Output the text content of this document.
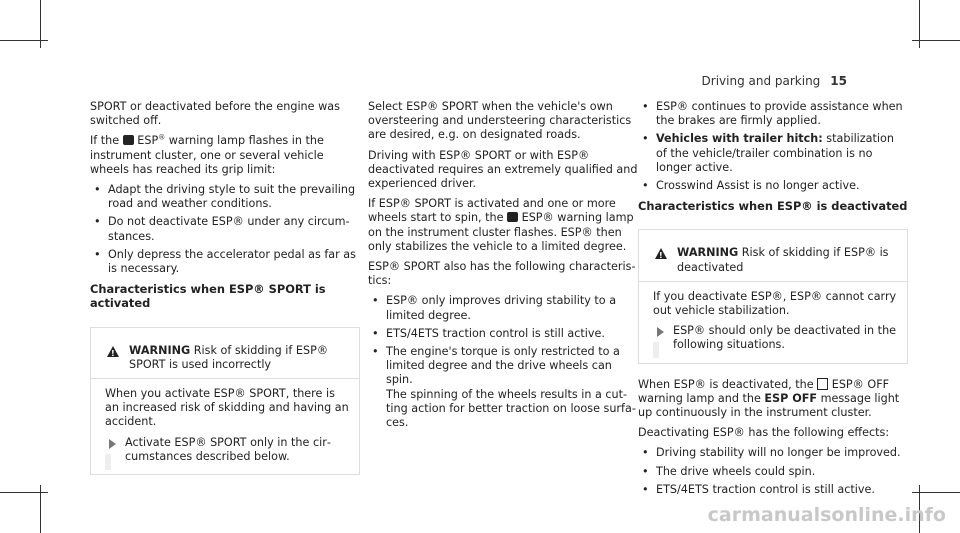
Driving and parking 15

SPORT or deactivated before the engine was switched off.

If the ESP® warning lamp flashes in the instrument cluster, one or several vehicle wheels has reached its grip limit:

• Adapt the driving style to suit the prevailing road and weather conditions.
• Do not deactivate ESP® under any circumstances.
• Only depress the accelerator pedal as far as is necessary.
Characteristics when ESP® SPORT is activated
!
WARNING Risk of skidding if ESP® SPORT is used incorrectly

When you activate ESP® SPORT, there is an increased risk of skidding and having an accident.

Activate ESP® SPORT only in the circumstances described below.

Select ESP® SPORT when the vehicle's own oversteering and understeering characteristics are desired, e.g. on designated roads.

Driving with ESP® SPORT or with ESP® deactivated requires an extremely qualified and experienced driver.

If ESP® SPORT is activated and one or more wheels start to spin, the ESP® warning lamp on the instrument cluster flashes. ESP® then only stabilizes the vehicle to a limited degree.

ESP® SPORT also has the following characteristics:

• ESP® only improves driving stability to a limited degree.
• ETS/4ETS traction control is still active.
• The engine's torque is only restricted to a limited degree and the drive wheels can spin.

The spinning of the wheels results in a cutting action for better traction on loose surfaces.

• ESP® continues to provide assistance when the brakes are firmly applied.
• Vehicles with trailer hitch: stabilization of the vehicle/trailer combination is no longer active.
• Crosswind Assist is no longer active.
Characteristics when ESP® is deactivated
!
WARNING Risk of skidding if ESP® is deactivated

If you deactivate ESP®, ESP® cannot carry out vehicle stabilization.

ESP® should only be deactivated in the following situations.

When ESP® is deactivated, the ESP® OFF warning lamp and the ESP OFF message light up continuously in the instrument cluster.

Deactivating ESP® has the following effects:

• Driving stability will no longer be improved.
• The drive wheels could spin.
• ETS/4ETS traction control is still active.
carmanualsonline.info
